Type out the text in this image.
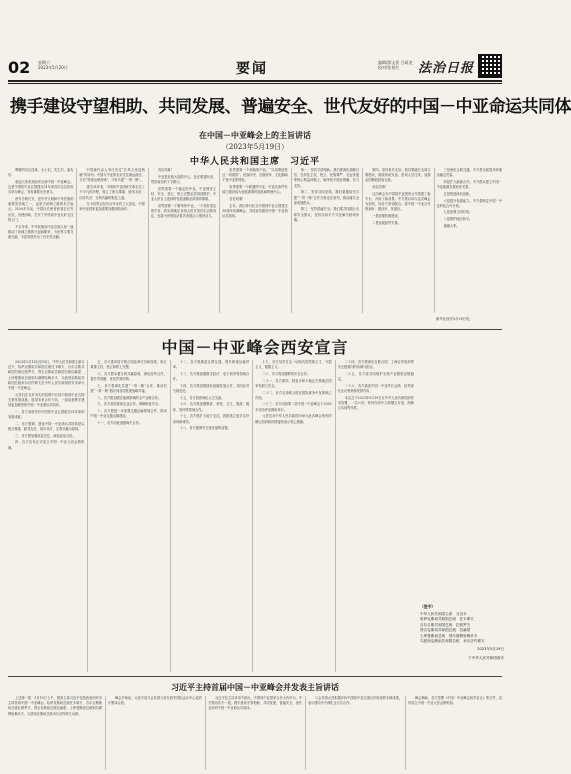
02 星期六
2023年5月20日	要闻	编辑/郭文景 吕研龙
校对/张景红	法治日报
携手建设守望相助、共同发展、普遍安全、世代友好的中国－中亚命运共同体
在中国－中亚峰会上的主旨讲话
（2023年5月19日）
中华人民共和国主席　习近平

尊敬的各位同事，女士们，先生们，朋友们：

欢迎大家来到西安出席中国－中亚峰会。这是中国同中亚五国建交31年来首次以实体形式举办峰会，具有重要历史意义。

西安古称长安，是中华文明和中华民族的重要发祥地之一，也是古丝绸之路的东方起点。2100多年前，中国汉代使者张骞自长安出发，出使西域，打开了中国同中亚友好交往的大门。

千百年来，中华民族同中亚各族人民一道推动了丝绸之路的兴起和繁荣，为世界文明交流交融、丰富发展作出了历史性贡献。

中国唐代诗人李白有过“长风万里送秋雁”的诗句。中国与中亚的友好交往源远流长，古有“张骞出使西域”，今有共建“一带一路”。

建交31年来，中国同中亚国家关系走过了不平凡的历程，树立了相互尊重、睦邻友好、同舟共济、互利共赢的相处之道。

当今世界正经历百年未有之大变局，中国和中亚国家更加需要加强团结协作。

各位同事！

中亚是亚欧大陆的中心，处在联通东西、贯穿南北的十字路口。

世界需要一个稳定的中亚。中亚国家主权、安全、独立、领土完整必须得到维护，中亚人民自主选择的发展道路必须得到尊重。

世界需要一个繁荣的中亚。一个美好富足的中亚，将实现地区各国人民对美好生活的向往，也将为世界经济复苏发展注入强劲动力。

世界需要一个和谐的中亚。“兄弟情谊胜过一切财富”。民族冲突、宗教纷争、文化隔阂不是中亚的特征。

世界需要一个联通的中亚。中亚有条件有能力建设成为亚欧重要的商品和物流中心。

各位同事！

去年，我们举行纪念中国同中亚五国建交30周年视频峰会，共同宣布建设中国－中亚命运共同体。

第一，坚持守望相助。我们要深化战略互信，在涉及主权、独立、民族尊严、长远发展等核心利益问题上，始终给予彼此明确、有力支持。

第二，坚持共同发展。我们要继续在共建“一带一路”合作方面走在前列，推动落实全球发展倡议。

第三，坚持普遍安全。我们要共同践行全球安全倡议，坚持以和平方式化解分歧和争端。

第四，坚持世代友好。我们要践行全球文明倡议，赓续传统友谊，密切人员往来，加强治国理政经验交流。

各位同事！

这次峰会为中国同中亚国家合作搭建了新平台，开辟了新前景。中方愿以举办这次峰会为契机，同各方密切配合，将中国－中亚合作规划好、建设好、发展好。

一是加强机制建设。

二是拓展经贸关系。

三是深化互联互通。中方将全面提升跨境运输过货量。

四是扩大能源合作。中方倡议建立中国－中亚能源发展伙伴关系。

五是推进绿色创新。

六是提升发展能力。中方将制定中国－中亚科技合作计划。

七是加强文明对话。

八是维护地区和平。

谢谢大家。

新华社西安5月19日电
中国－中亚峰会西安宣言

2023年5月18日至19日，中华人民共和国主席习近平、哈萨克斯坦共和国总统托卡耶夫、吉尔吉斯共和国总统扎帕罗夫、塔吉克斯坦共和国总统拉赫蒙、土库曼斯坦总统别尔德穆哈梅多夫、乌兹别克斯坦共和国总统米尔济约耶夫在中华人民共和国西安市举行中国－中亚峰会。

元首们在友好务实的氛围中总结中国同中亚五国关系发展成就，展望未来合作方向，一致同意携手建设更加紧密的中国－中亚命运共同体。

一、各方高度评价中国同中亚五国建交31年来的发展成就。

二、各方强调，建设中国－中亚命运共同体是以相互尊重、睦邻友好、同舟共济、互利共赢为原则。

三、各方愿加强高层交往，深化政治互信。

四、各方宣布正式成立中国－中亚元首会晤机制。

五、各方重申恪守联合国宪章宗旨和原则，相互尊重主权、独立和领土完整。

六、各方愿本着互利共赢原则，深化经贸合作，提升贸易额，优化贸易结构。

七、各方将深化共建“一带一路”合作，推动共建“一带一路”倡议同各国发展战略对接。

八、各方愿加强在能源领域的全产业链合作。

九、各方高度重视农业合作，保障粮食安全。

十、各方愿进一步加强交通运输领域合作，推动中国－中亚交通走廊建设。

十一、各方同意加强海关合作。

十二、各方愿推进互联互通，提升跨境运输效率。

十三、各方愿加强数字经济、电子商务等领域合作。

十四、各方愿加强绿色低碳发展合作，共同应对气候变化。

十五、各方同意深化人文交流。

十六、各方愿加强教育、科技、卫生、旅游、媒体、智库等领域合作。

十七、各方愿扩大地方交往，鼓励建立更多友好省州和城市。

十八、各方强调安全是发展的前提。

十九、各方坚决打击一切形式的恐怖主义、分裂主义、极端主义。

二十、各方将加强网络安全合作。

二十一、各方重申，阿富汗和平稳定关系地区国家发展与安全。

二十二、各方支持联合国在国际事务中发挥核心作用。

二十三、各方同意第二届中国－中亚峰会于2025年在哈萨克斯坦举行。

元首们对中华人民共和国为举办此次峰会所作的精心组织和热情接待表示衷心感谢。

二十四、各方愿深化在联合国、上海合作组织等多边框架内的协调与配合。

二十五、各方将共同维护全球产业链供应链稳定。

二十六、各方欢迎中国－中亚外长会晤、经贸部长会议等机制发挥作用。

本宣言于2023年5月19日在中华人民共和国西安市签署，一式六份，每份均用中文和俄文写成，两种文本同等作准。

（签字）
中华人民共和国主席　习近平
哈萨克斯坦共和国总统　托卡耶夫
吉尔吉斯共和国总统　扎帕罗夫
塔吉克斯坦共和国总统　拉赫蒙
土库曼斯坦总统　别尔德穆哈梅多夫
乌兹别克斯坦共和国总统　米尔济约耶夫
2023年5月19日
于中华人民共和国西安
习近平主持首届中国－中亚峰会并发表主旨讲话

上述第一报　5月19日上午，国家主席习近平在陕西省西安市主持首届中国－中亚峰会。哈萨克斯坦总统托卡耶夫、吉尔吉斯斯坦总统扎帕罗夫、塔吉克斯坦总统拉赫蒙、土库曼斯坦总统别尔德穆哈梅多夫、乌兹别克斯坦总统米尔济约耶夫出席。

峰会开始前，习近平同与会各国元首在西安国际会议中心迎宾厅集体合影。

习近平在主旨讲话中指出，中国同中亚国家合作大有可为，中方愿同各方一道，携手建设守望相助、共同发展、普遍安全、世代友好的中国－中亚命运共同体。

与会各国元首积极评价中国同中亚五国合作取得的丰硕成果，表示愿同中方深化全方位合作。

峰会期间，各方签署《中国－中亚峰会西安宣言》等文件，宣布成立中国－中亚元首会晤机制。
